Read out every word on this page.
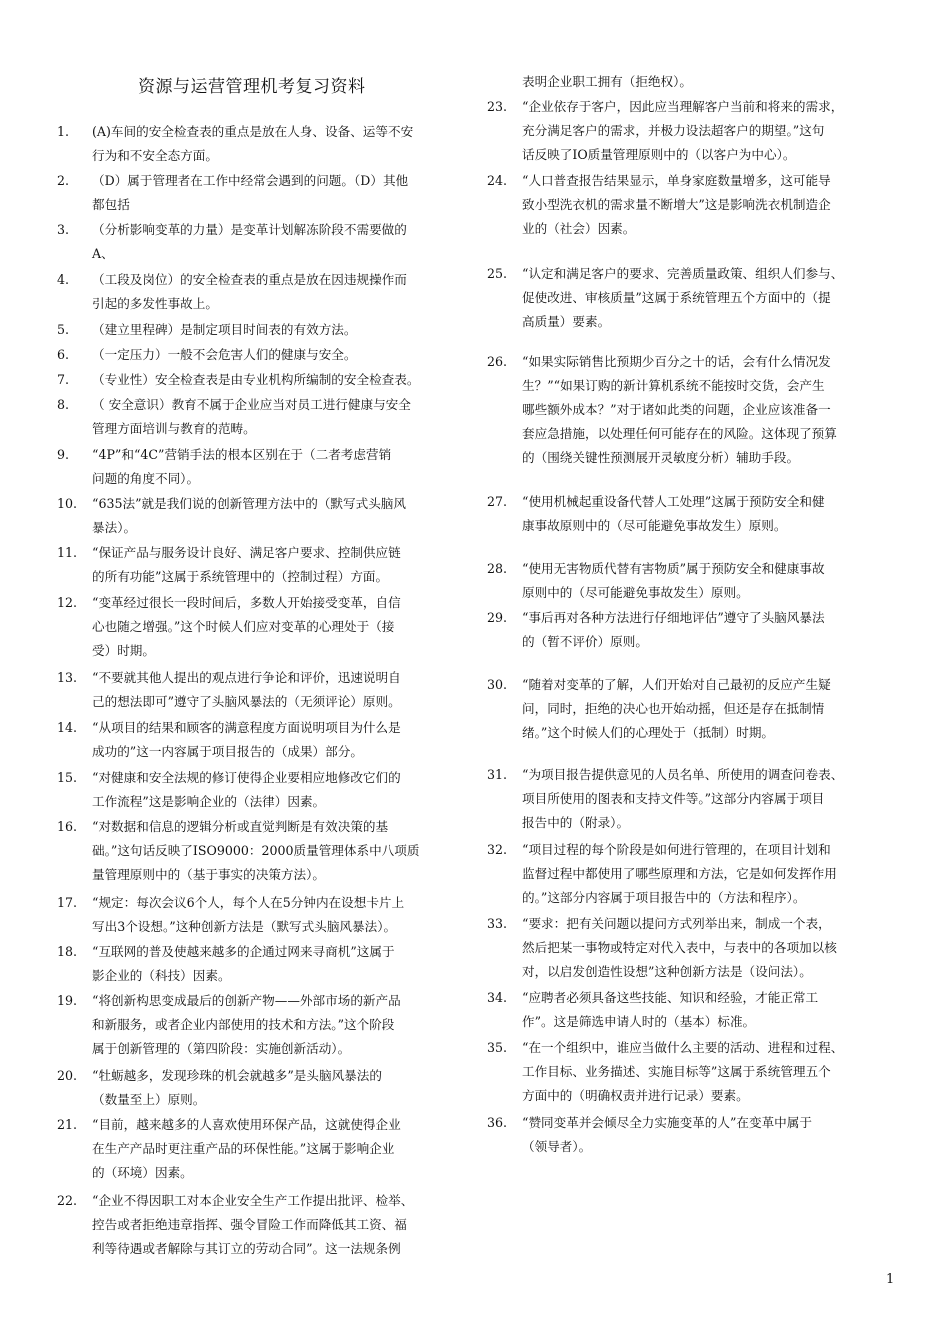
资源与运营管理机考复习资料
1.	(A)车间的安全检查表的重点是放在人身、设备、运等不安
行为和不安全态方面。
2.	（D）属于管理者在工作中经常会遇到的问题。（D）其他
都包括
3.	（分析影响变革的力量）是变革计划解冻阶段不需要做的
A、
4.	（工段及岗位）的安全检查表的重点是放在因违规操作而
引起的多发性事故上。
5.	（建立里程碑）是制定项目时间表的有效方法。
6.	（一定压力）一般不会危害人们的健康与安全。
7.	（专业性）安全检查表是由专业机构所编制的安全检查表。
8.	（ 安全意识）教育不属于企业应当对员工进行健康与安全
管理方面培训与教育的范畴。
9.	“4P”和“4C”营销手法的根本区别在于（二者考虑营销
问题的角度不同）。
10.	“635法”就是我们说的创新管理方法中的（默写式头脑风
暴法）。
11.	“保证产品与服务设计良好、满足客户要求、控制供应链
的所有功能”这属于系统管理中的（控制过程）方面。
12.	“变革经过很长一段时间后，多数人开始接受变革，自信
心也随之增强。”这个时候人们应对变革的心理处于（接
受）时期。
13.	“不要就其他人提出的观点进行争论和评价，迅速说明自
己的想法即可”遵守了头脑风暴法的（无须评论）原则。
14.	“从项目的结果和顾客的满意程度方面说明项目为什么是
成功的”这一内容属于项目报告的（成果）部分。
15.	“对健康和安全法规的修订使得企业要相应地修改它们的
工作流程”这是影响企业的（法律）因素。
16.	“对数据和信息的逻辑分析或直觉判断是有效决策的基
础。”这句话反映了ISO9000：2000质量管理体系中八项质
量管理原则中的（基于事实的决策方法）。
17.	“规定：每次会议6个人，每个人在5分钟内在设想卡片上
写出3个设想。”这种创新方法是（默写式头脑风暴法）。
18.	“互联网的普及使越来越多的企通过网来寻商机”这属于
影企业的（科技）因素。
19.	“将创新构思变成最后的创新产物——外部市场的新产品
和新服务，或者企业内部使用的技术和方法。”这个阶段
属于创新管理的（第四阶段：实施创新活动）。
20.	“牡蛎越多，发现珍珠的机会就越多”是头脑风暴法的
（数量至上）原则。
21.	“目前，越来越多的人喜欢使用环保产品，这就使得企业
在生产产品时更注重产品的环保性能。”这属于影响企业
的（环境）因素。
22.	“企业不得因职工对本企业安全生产工作提出批评、检举、
控告或者拒绝违章指挥、强令冒险工作而降低其工资、福
利等待遇或者解除与其订立的劳动合同”。这一法规条例
表明企业职工拥有（拒绝权）。
23.	“企业依存于客户，因此应当理解客户当前和将来的需求，
充分满足客户的需求，并极力设法超客户的期望。”这句
话反映了IO质量管理原则中的（以客户为中心）。
24.	“人口普查报告结果显示，单身家庭数量增多，这可能导
致小型洗衣机的需求量不断增大”这是影响洗衣机制造企
业的（社会）因素。
25.	“认定和满足客户的要求、完善质量政策、组织人们参与、
促使改进、审核质量”这属于系统管理五个方面中的（提
高质量）要素。
26.	“如果实际销售比预期少百分之十的话，会有什么情况发
生？”“如果订购的新计算机系统不能按时交货，会产生
哪些额外成本？”对于诸如此类的问题，企业应该准备一
套应急措施，以处理任何可能存在的风险。这体现了预算
的（围绕关键性预测展开灵敏度分析）辅助手段。
27.	“使用机械起重设备代替人工处理”这属于预防安全和健
康事故原则中的（尽可能避免事故发生）原则。
28.	“使用无害物质代替有害物质”属于预防安全和健康事故
原则中的（尽可能避免事故发生）原则。
29.	“事后再对各种方法进行仔细地评估”遵守了头脑风暴法
的（暂不评价）原则。
30.	“随着对变革的了解，人们开始对自己最初的反应产生疑
问，同时，拒绝的决心也开始动摇，但还是存在抵制情
绪。”这个时候人们的心理处于（抵制）时期。
31.	“为项目报告提供意见的人员名单、所使用的调查问卷表、
项目所使用的图表和支持文件等。”这部分内容属于项目
报告中的（附录）。
32.	“项目过程的每个阶段是如何进行管理的，在项目计划和
监督过程中都使用了哪些原理和方法，它是如何发挥作用
的。”这部分内容属于项目报告中的（方法和程序）。
33.	“要求：把有关问题以提问方式列举出来，制成一个表，
然后把某一事物或特定对代入表中，与表中的各项加以核
对，以启发创造性设想”这种创新方法是（设问法）。
34.	“应聘者必须具备这些技能、知识和经验，才能正常工
作”。这是筛选申请人时的（基本）标准。
35.	“在一个组织中，谁应当做什么主要的活动、进程和过程、
工作目标、业务描述、实施目标等”这属于系统管理五个
方面中的（明确权责并进行记录）要素。
36.	“赞同变革并会倾尽全力实施变革的人”在变革中属于
（领导者）。
1
